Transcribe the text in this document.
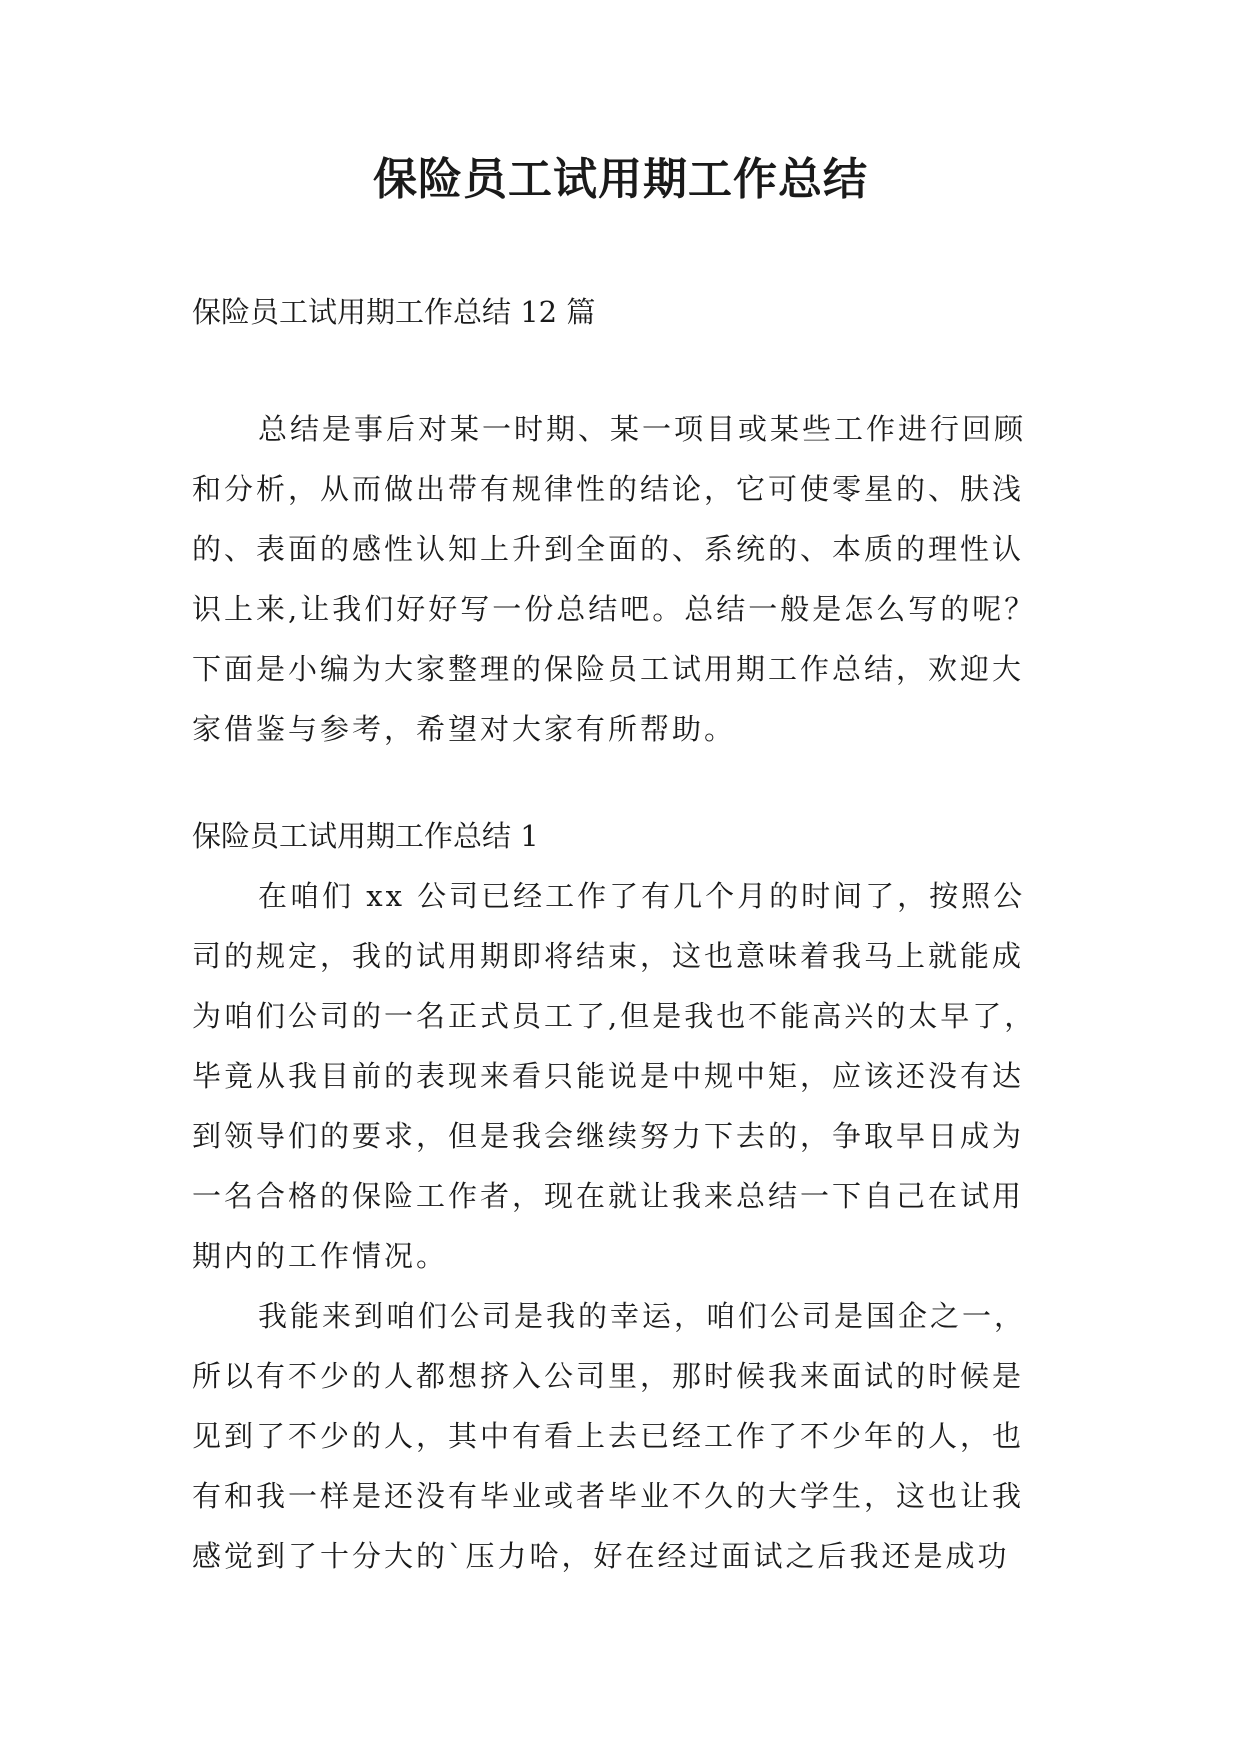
保险员工试用期工作总结
保险员工试用期工作总结 12 篇
总结是事后对某一时期、某一项目或某些工作进行回顾
和分析，从而做出带有规律性的结论，它可使零星的、肤浅
的、表面的感性认知上升到全面的、系统的、本质的理性认
识上来,让我们好好写一份总结吧。总结一般是怎么写的呢？
下面是小编为大家整理的保险员工试用期工作总结，欢迎大
家借鉴与参考，希望对大家有所帮助。
保险员工试用期工作总结 1
在咱们 xx 公司已经工作了有几个月的时间了，按照公
司的规定，我的试用期即将结束，这也意味着我马上就能成
为咱们公司的一名正式员工了,但是我也不能高兴的太早了，
毕竟从我目前的表现来看只能说是中规中矩，应该还没有达
到领导们的要求，但是我会继续努力下去的，争取早日成为
一名合格的保险工作者，现在就让我来总结一下自己在试用
期内的工作情况。
我能来到咱们公司是我的幸运，咱们公司是国企之一，
所以有不少的人都想挤入公司里，那时候我来面试的时候是
见到了不少的人，其中有看上去已经工作了不少年的人，也
有和我一样是还没有毕业或者毕业不久的大学生，这也让我
感觉到了十分大的`压力哈，好在经过面试之后我还是成功
